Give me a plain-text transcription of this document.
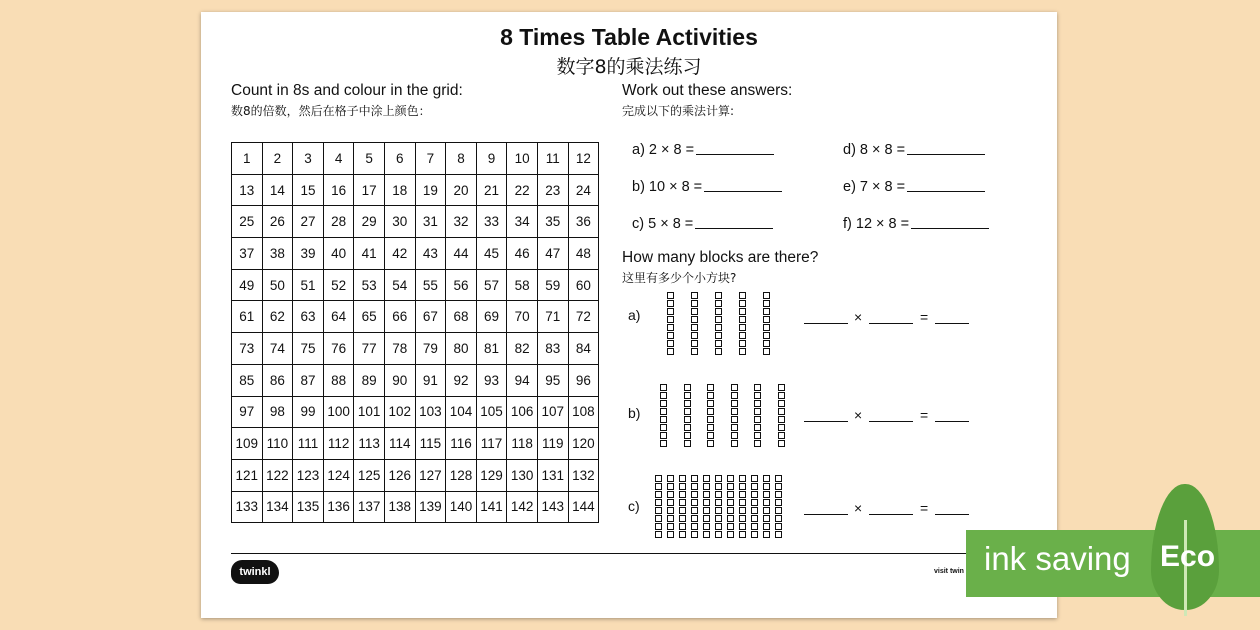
8 Times Table Activities
数字8的乘法练习
Count in 8s and colour in the grid:
数8的倍数，然后在格子中涂上颜色：
1	2	3	4	5	6	7	8	9	10	11	12
13	14	15	16	17	18	19	20	21	22	23	24
25	26	27	28	29	30	31	32	33	34	35	36
37	38	39	40	41	42	43	44	45	46	47	48
49	50	51	52	53	54	55	56	57	58	59	60
61	62	63	64	65	66	67	68	69	70	71	72
73	74	75	76	77	78	79	80	81	82	83	84
85	86	87	88	89	90	91	92	93	94	95	96
97	98	99	100	101	102	103	104	105	106	107	108
109	110	111	112	113	114	115	116	117	118	119	120
121	122	123	124	125	126	127	128	129	130	131	132
133	134	135	136	137	138	139	140	141	142	143	144
Work out these answers:
完成以下的乘法计算:
a) 2 × 8 =
b) 10 × 8 =
c) 5 × 8 =
d) 8 × 8 =
e) 7 × 8 =
f) 12 × 8 =
How many blocks are there?
这里有多少个小方块?
a)
b)
c)
×	=
×	=
×	=
twinkl	visit twin ink saving Eco
